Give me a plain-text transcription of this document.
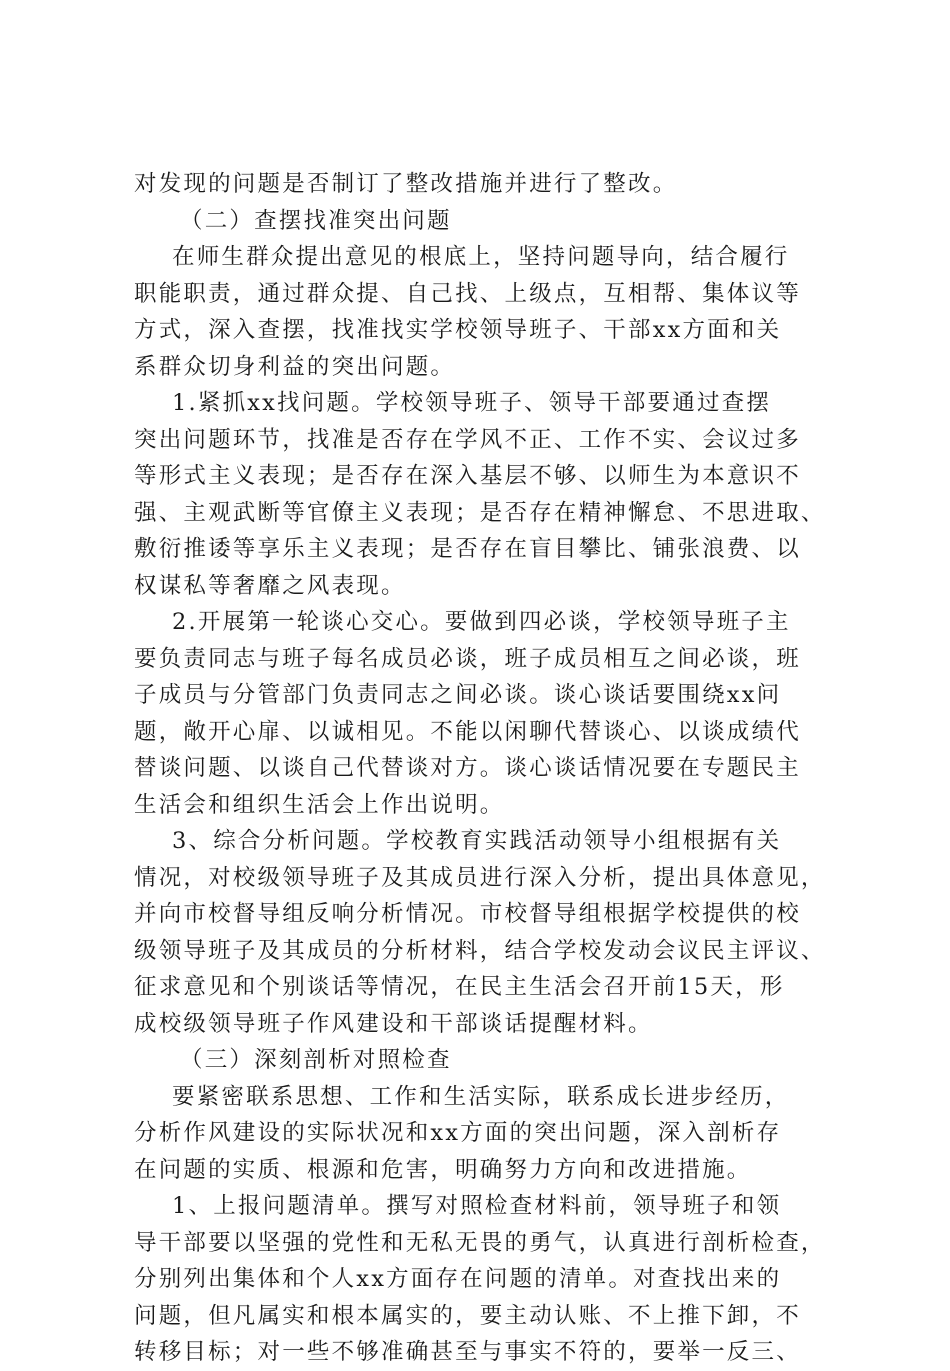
对发现的问题是否制订了整改措施并进行了整改。
（二）查摆找准突出问题
在师生群众提出意见的根底上，坚持问题导向，结合履行
职能职责，通过群众提、自己找、上级点，互相帮、集体议等
方式，深入查摆，找准找实学校领导班子、干部xx方面和关
系群众切身利益的突出问题。
1.紧抓xx找问题。学校领导班子、领导干部要通过查摆
突出问题环节，找准是否存在学风不正、工作不实、会议过多
等形式主义表现；是否存在深入基层不够、以师生为本意识不
强、主观武断等官僚主义表现；是否存在精神懈怠、不思进取、
敷衍推诿等享乐主义表现；是否存在盲目攀比、铺张浪费、以
权谋私等奢靡之风表现。
2.开展第一轮谈心交心。要做到四必谈，学校领导班子主
要负责同志与班子每名成员必谈，班子成员相互之间必谈，班
子成员与分管部门负责同志之间必谈。谈心谈话要围绕xx问
题，敞开心扉、以诚相见。不能以闲聊代替谈心、以谈成绩代
替谈问题、以谈自己代替谈对方。谈心谈话情况要在专题民主
生活会和组织生活会上作出说明。
3、综合分析问题。学校教育实践活动领导小组根据有关
情况，对校级领导班子及其成员进行深入分析，提出具体意见，
并向市校督导组反响分析情况。市校督导组根据学校提供的校
级领导班子及其成员的分析材料，结合学校发动会议民主评议、
征求意见和个别谈话等情况，在民主生活会召开前15天，形
成校级领导班子作风建设和干部谈话提醒材料。
（三）深刻剖析对照检查
要紧密联系思想、工作和生活实际，联系成长进步经历，
分析作风建设的实际状况和xx方面的突出问题，深入剖析存
在问题的实质、根源和危害，明确努力方向和改进措施。
1、上报问题清单。撰写对照检查材料前，领导班子和领
导干部要以坚强的党性和无私无畏的勇气，认真进行剖析检查，
分别列出集体和个人xx方面存在问题的清单。对查找出来的
问题，但凡属实和根本属实的，要主动认账、不上推下卸，不
转移目标；对一些不够准确甚至与事实不符的，要举一反三、
